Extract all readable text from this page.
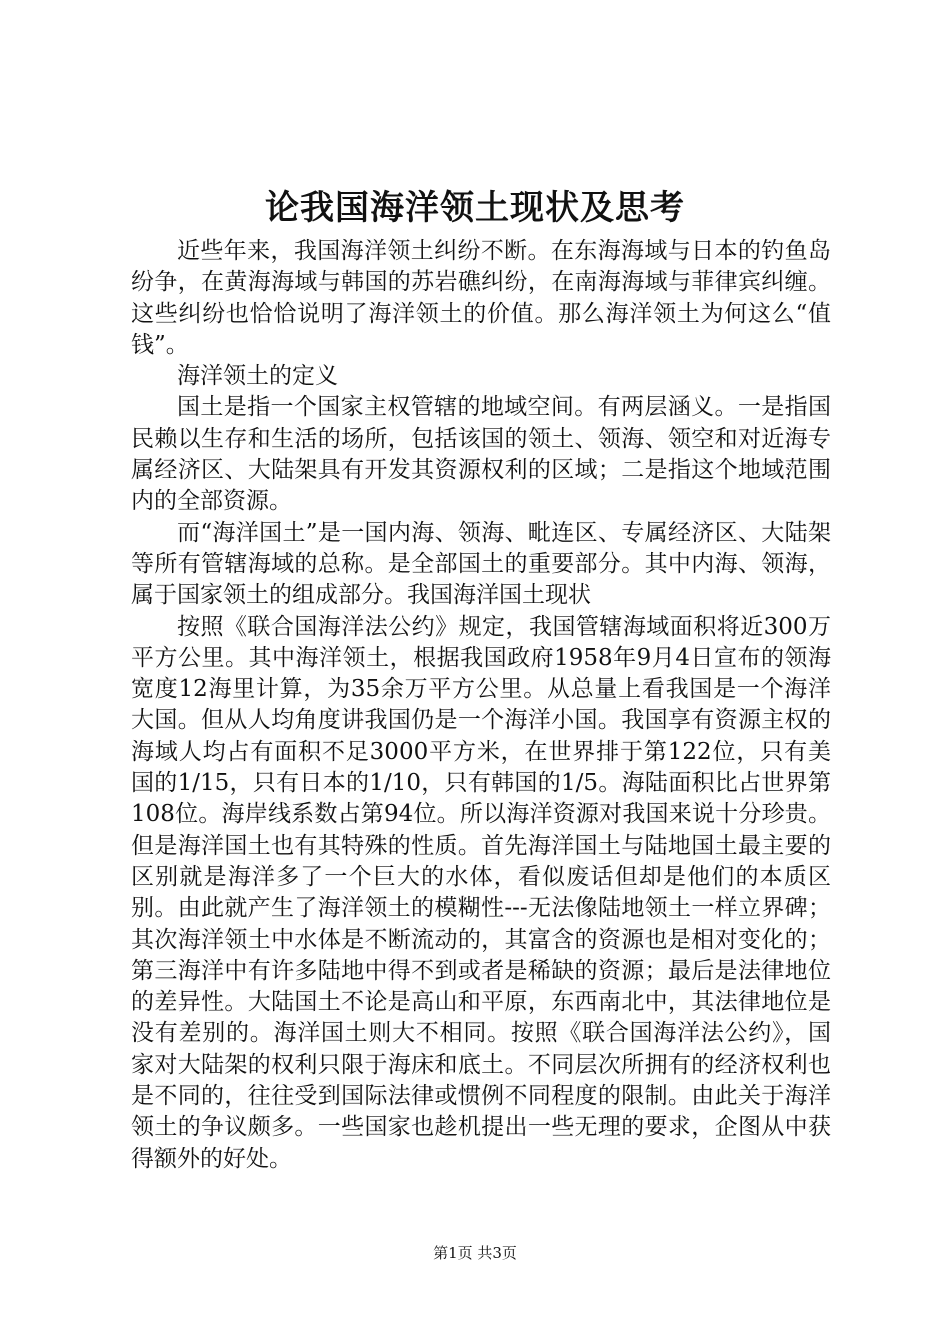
论我国海洋领土现状及思考

近些年来，我国海洋领土纠纷不断。在东海海域与日本的钓鱼岛纷争，在黄海海域与韩国的苏岩礁纠纷，在南海海域与菲律宾纠缠。这些纠纷也恰恰说明了海洋领土的价值。那么海洋领土为何这么“值钱”。

海洋领土的定义

国土是指一个国家主权管辖的地域空间。有两层涵义。一是指国民赖以生存和生活的场所，包括该国的领土、领海、领空和对近海专属经济区、大陆架具有开发其资源权利的区域；二是指这个地域范围内的全部资源。

而“海洋国土”是一国内海、领海、毗连区、专属经济区、大陆架等所有管辖海域的总称。是全部国土的重要部分。其中内海、领海，属于国家领土的组成部分。我国海洋国土现状

按照《联合国海洋法公约》规定，我国管辖海域面积将近300万平方公里。其中海洋领土，根据我国政府1958年9月4日宣布的领海宽度12海里计算，为35余万平方公里。从总量上看我国是一个海洋大国。但从人均角度讲我国仍是一个海洋小国。我国享有资源主权的海域人均占有面积不足3000平方米，在世界排于第122位，只有美国的1/15，只有日本的1/10，只有韩国的1/5。海陆面积比占世界第108位。海岸线系数占第94位。所以海洋资源对我国来说十分珍贵。但是海洋国土也有其特殊的性质。首先海洋国土与陆地国土最主要的区别就是海洋多了一个巨大的水体，看似废话但却是他们的本质区别。由此就产生了海洋领土的模糊性---无法像陆地领土一样立界碑；其次海洋领土中水体是不断流动的，其富含的资源也是相对变化的；第三海洋中有许多陆地中得不到或者是稀缺的资源；最后是法律地位的差异性。大陆国土不论是高山和平原，东西南北中，其法律地位是没有差别的。海洋国土则大不相同。按照《联合国海洋法公约》，国家对大陆架的权利只限于海床和底土。不同层次所拥有的经济权利也是不同的，往往受到国际法律或惯例不同程度的限制。由此关于海洋领土的争议颇多。一些国家也趁机提出一些无理的要求，企图从中获得额外的好处。

第1页 共3页
